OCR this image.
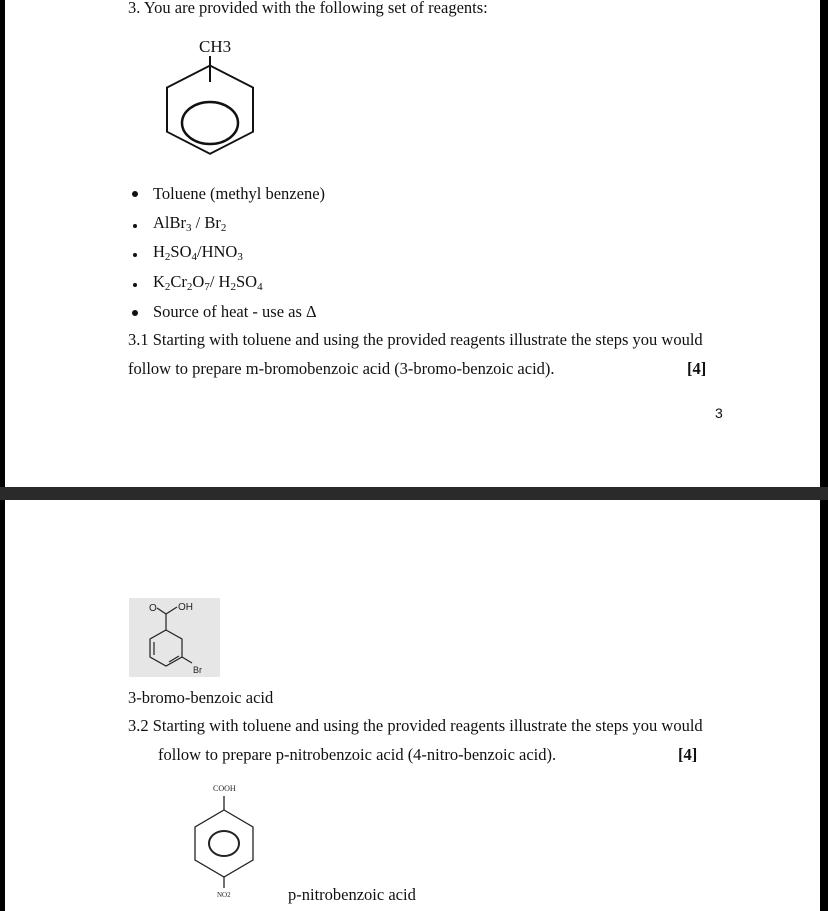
3. You are provided with the following set of reagents:
CH3
Toluene (methyl benzene)
AlBr$_3$ / $Br_2$
$H_2SO_4/HNO_3$
$K_2Cr_2O_7/$ $H_2SO_4$
Source of heat - use as Δ
3.1 Starting with toluene and using the provided reagents illustrate the steps you would
follow to prepare m-bromobenzoic acid (3-bromo-benzoic acid).	[4]
3
O OH
Br
3-bromo-benzoic acid
3.2 Starting with toluene and using the provided reagents illustrate the steps you would
follow to prepare p-nitrobenzoic acid (4-nitro-benzoic acid).	[4]
COOH
NO2	p-nitrobenzoic acid
